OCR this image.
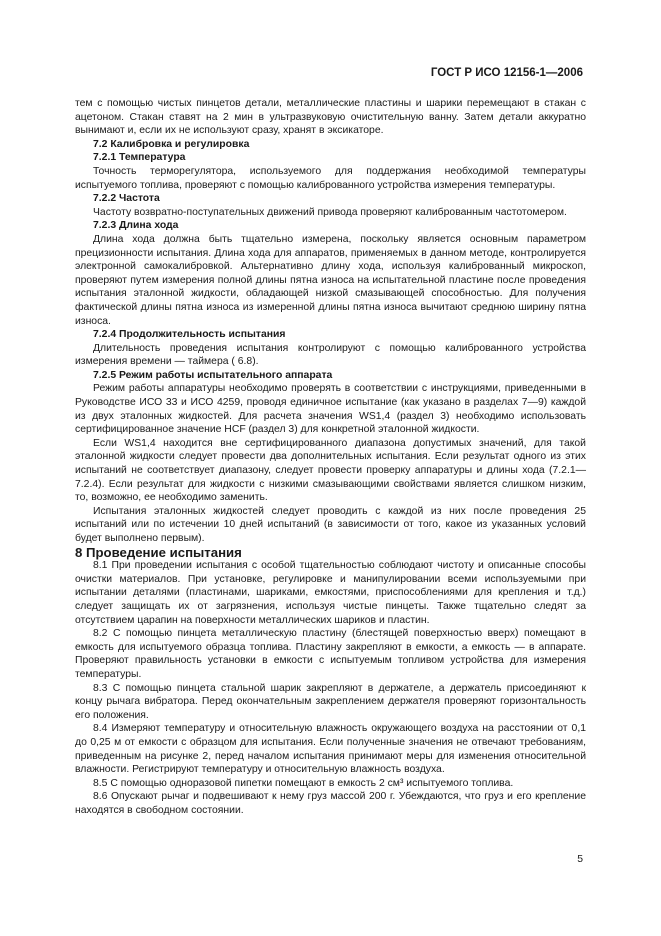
ГОСТ Р ИСО 12156-1—2006

тем с помощью чистых пинцетов детали, металлические пластины и шарики перемещают в стакан с ацетоном. Стакан ставят на 2 мин в ультразвуковую очистительную ванну. Затем детали аккуратно вынимают и, если их не используют сразу, хранят в эксикаторе.

7.2 Калибровка и регулировка

7.2.1 Температура

Точность терморегулятора, используемого для поддержания необходимой температуры испытуемого топлива, проверяют с помощью калиброванного устройства измерения температуры.

7.2.2 Частота

Частоту возвратно-поступательных движений привода проверяют калиброванным частотомером.

7.2.3 Длина хода

Длина хода должна быть тщательно измерена, поскольку является основным параметром прецизионности испытания. Длина хода для аппаратов, применяемых в данном методе, контролируется электронной самокалибровкой. Альтернативно длину хода, используя калиброванный микроскоп, проверяют путем измерения полной длины пятна износа на испытательной пластине после проведения испытания эталонной жидкости, обладающей низкой смазывающей способностью. Для получения фактической длины пятна износа из измеренной длины пятна износа вычитают среднюю ширину пятна износа.

7.2.4 Продолжительность испытания

Длительность проведения испытания контролируют с помощью калиброванного устройства измерения времени — таймера ( 6.8).

7.2.5 Режим работы испытательного аппарата

Режим работы аппаратуры необходимо проверять в соответствии с инструкциями, приведенными в Руководстве ИСО 33 и ИСО 4259, проводя единичное испытание (как указано в разделах 7—9) каждой из двух эталонных жидкостей. Для расчета значения WS1,4 (раздел 3) необходимо использовать сертифицированное значение HCF (раздел 3) для конкретной эталонной жидкости.

Если WS1,4 находится вне сертифицированного диапазона допустимых значений, для такой эталонной жидкости следует провести два дополнительных испытания. Если результат одного из этих испытаний не соответствует диапазону, следует провести проверку аппаратуры и длины хода (7.2.1—7.2.4). Если результат для жидкости с низкими смазывающими свойствами является слишком низким, то, возможно, ее необходимо заменить.

Испытания эталонных жидкостей следует проводить с каждой из них после проведения 25 испытаний или по истечении 10 дней испытаний (в зависимости от того, какое из указанных условий будет выполнено первым).

8 Проведение испытания

8.1 При проведении испытания с особой тщательностью соблюдают чистоту и описанные способы очистки материалов. При установке, регулировке и манипулировании всеми используемыми при испытании деталями (пластинами, шариками, емкостями, приспособлениями для крепления и т.д.) следует защищать их от загрязнения, используя чистые пинцеты. Также тщательно следят за отсутствием царапин на поверхности металлических шариков и пластин.

8.2 С помощью пинцета металлическую пластину (блестящей поверхностью вверх) помещают в емкость для испытуемого образца топлива. Пластину закрепляют в емкости, а емкость — в аппарате. Проверяют правильность установки в емкости с испытуемым топливом устройства для измерения температуры.

8.3 С помощью пинцета стальной шарик закрепляют в держателе, а держатель присоединяют к концу рычага вибратора. Перед окончательным закреплением держателя проверяют горизонтальность его положения.

8.4 Измеряют температуру и относительную влажность окружающего воздуха на расстоянии от 0,1 до 0,25 м от емкости с образцом для испытания. Если полученные значения не отвечают требованиям, приведенным на рисунке 2, перед началом испытания принимают меры для изменения относительной влажности. Регистрируют температуру и относительную влажность воздуха.

8.5 С помощью одноразовой пипетки помещают в емкость 2 см³ испытуемого топлива.

8.6 Опускают рычаг и подвешивают к нему груз массой 200 г. Убеждаются, что груз и его крепление находятся в свободном состоянии.

5
